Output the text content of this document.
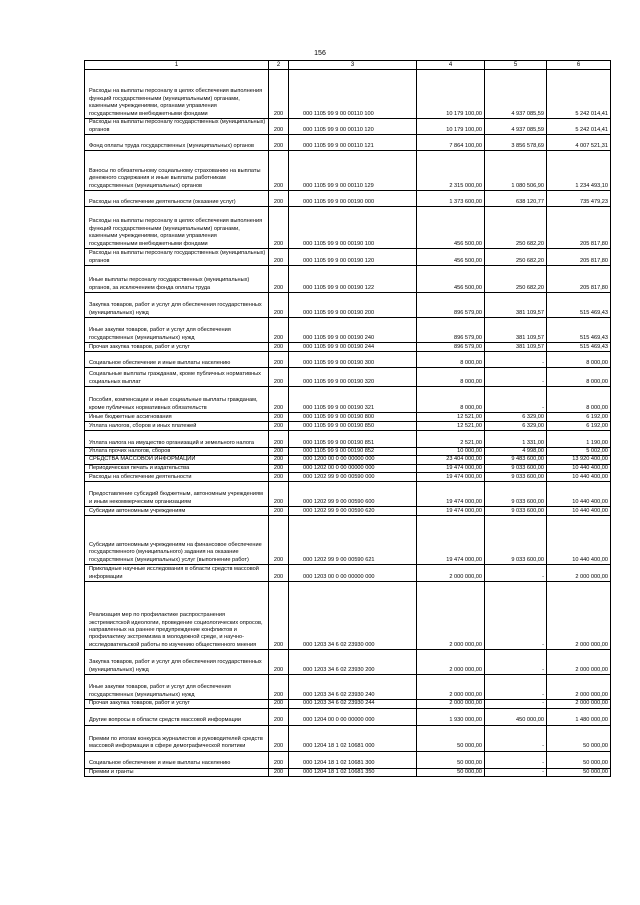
156
1	2	3	4	5	6
Расходы на выплаты персоналу в целях обеспечения выполнения функций государственными (муниципальными) органами, казенными учреждениями, органами управления государственными внебюджетными фондами	200	000 1105 99 9 00 00110 100	10 179 100,00	4 937 085,59	5 242 014,41
Расходы на выплаты персоналу государственных (муниципальных) органов	200	000 1105 99 9 00 00110 120	10 179 100,00	4 937 085,59	5 242 014,41
Фонд оплаты труда государственных (муниципальных) органов	200	000 1105 99 9 00 00110 121	7 864 100,00	3 856 578,69	4 007 521,31
Взносы по обязательному социальному страхованию на выплаты денежного содержания и иные выплаты работникам государственных (муниципальных) органов	200	000 1105 99 9 00 00110 129	2 315 000,00	1 080 506,90	1 234 493,10
Расходы на обеспечение деятельности (оказание услуг)	200	000 1105 99 9 00 00190 000	1 373 600,00	638 120,77	735 479,23
Расходы на выплаты персоналу в целях обеспечения выполнения функций государственными (муниципальными) органами, казенными учреждениями, органами управления государственными внебюджетными фондами	200	000 1105 99 9 00 00190 100	456 500,00	250 682,20	205 817,80
Расходы на выплаты персоналу государственных (муниципальных) органов	200	000 1105 99 9 00 00190 120	456 500,00	250 682,20	205 817,80
Иные выплаты персоналу государственных (муниципальных) органов, за исключением фонда оплаты труда	200	000 1105 99 9 00 00190 122	456 500,00	250 682,20	205 817,80
Закупка товаров, работ и услуг для обеспечения государственных (муниципальных) нужд	200	000 1105 99 9 00 00190 200	896 579,00	381 109,57	515 469,43
Иные закупки товаров, работ и услуг для обеспечения государственных (муниципальных) нужд	200	000 1105 99 9 00 00190 240	896 579,00	381 109,57	515 469,43
Прочая закупка товаров, работ и услуг	200	000 1105 99 9 00 00190 244	896 579,00	381 109,57	515 469,43
Социальное обеспечение и иные выплаты населению	200	000 1105 99 9 00 00190 300	8 000,00	-	8 000,00
Социальные выплаты гражданам, кроме публичных нормативных социальных выплат	200	000 1105 99 9 00 00190 320	8 000,00	-	8 000,00
Пособия, компенсации и иные социальные выплаты гражданам, кроме публичных нормативных обязательств	200	000 1105 99 9 00 00190 321	8 000,00	-	8 000,00
Иные бюджетные ассигнования	200	000 1105 99 9 00 00190 800	12 521,00	6 329,00	6 192,00
Уплата налогов, сборов и иных платежей	200	000 1105 99 9 00 00190 850	12 521,00	6 329,00	6 192,00
Уплата налога на имущество организаций и земельного налога	200	000 1105 99 9 00 00190 851	2 521,00	1 331,00	1 190,00
Уплата прочих налогов, сборов	200	000 1105 99 9 00 00190 852	10 000,00	4 998,00	5 002,00
СРЕДСТВА МАССОВОЙ ИНФОРМАЦИИ	200	000 1200 00 0 00 00000 000	23 404 000,00	9 483 600,00	13 920 400,00
Периодическая печать и издательства	200	000 1202 00 0 00 00000 000	19 474 000,00	9 033 600,00	10 440 400,00
Расходы на обеспечение деятельности	200	000 1202 99 9 00 00590 000	19 474 000,00	9 033 600,00	10 440 400,00
Предоставление субсидий бюджетным, автономным учреждениям и иным некоммерческим организациям	200	000 1202 99 9 00 00590 600	19 474 000,00	9 033 600,00	10 440 400,00
Субсидии автономным учреждениям	200	000 1202 99 9 00 00590 620	19 474 000,00	9 033 600,00	10 440 400,00
Субсидии автономным учреждениям на финансовое обеспечение государственного (муниципального) задания на оказание государственных (муниципальных) услуг (выполнение работ)	200	000 1202 99 9 00 00590 621	19 474 000,00	9 033 600,00	10 440 400,00
Прикладные научные исследования в области средств массовой информации	200	000 1203 00 0 00 00000 000	2 000 000,00	-	2 000 000,00
Реализация мер по профилактике распространения экстремистской идеологии, проведение социологических опросов, направленных на раннее предупреждение конфликтов и профилактику экстремизма в молодежной среде, и научно-исследовательской работы по изучению общественного мнения	200	000 1203 34 6 02 23930 000	2 000 000,00	-	2 000 000,00
Закупка товаров, работ и услуг для обеспечения государственных (муниципальных) нужд	200	000 1203 34 6 02 23930 200	2 000 000,00	-	2 000 000,00
Иные закупки товаров, работ и услуг для обеспечения государственных (муниципальных) нужд	200	000 1203 34 6 02 23930 240	2 000 000,00	-	2 000 000,00
Прочая закупка товаров, работ и услуг	200	000 1203 34 6 02 23930 244	2 000 000,00	-	2 000 000,00
Другие вопросы в области средств массовой информации	200	000 1204 00 0 00 00000 000	1 930 000,00	450 000,00	1 480 000,00
Премии по итогам конкурса журналистов и руководителей средств массовой информации в сфере демографической политики	200	000 1204 18 1 02 10681 000	50 000,00	-	50 000,00
Социальное обеспечение и иные выплаты населению	200	000 1204 18 1 02 10681 300	50 000,00	-	50 000,00
Премии и гранты	200	000 1204 18 1 02 10681 350	50 000,00	-	50 000,00
